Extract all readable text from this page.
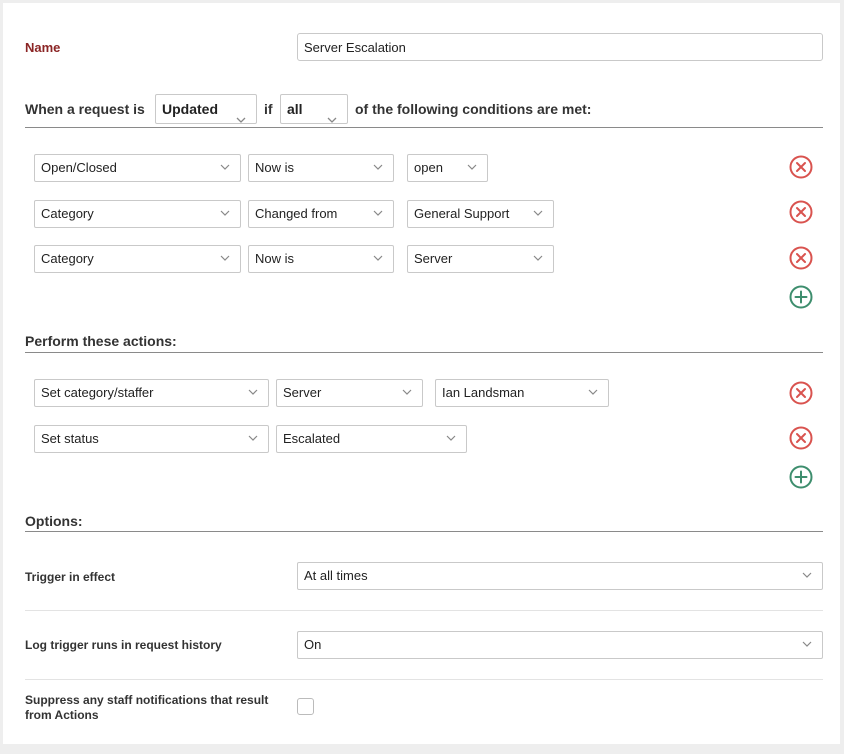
Name
Server Escalation
When a request is	Updated	if	all	of the following conditions are met:
Open/Closed	Now is	open
Category	Changed from	General Support
Category	Now is	Server
Perform these actions:
Set category/staffer	Server	Ian Landsman
Set status	Escalated
Options:
Trigger in effect	At all times
Log trigger runs in request history	On
Suppress any staff notifications that result from Actions
